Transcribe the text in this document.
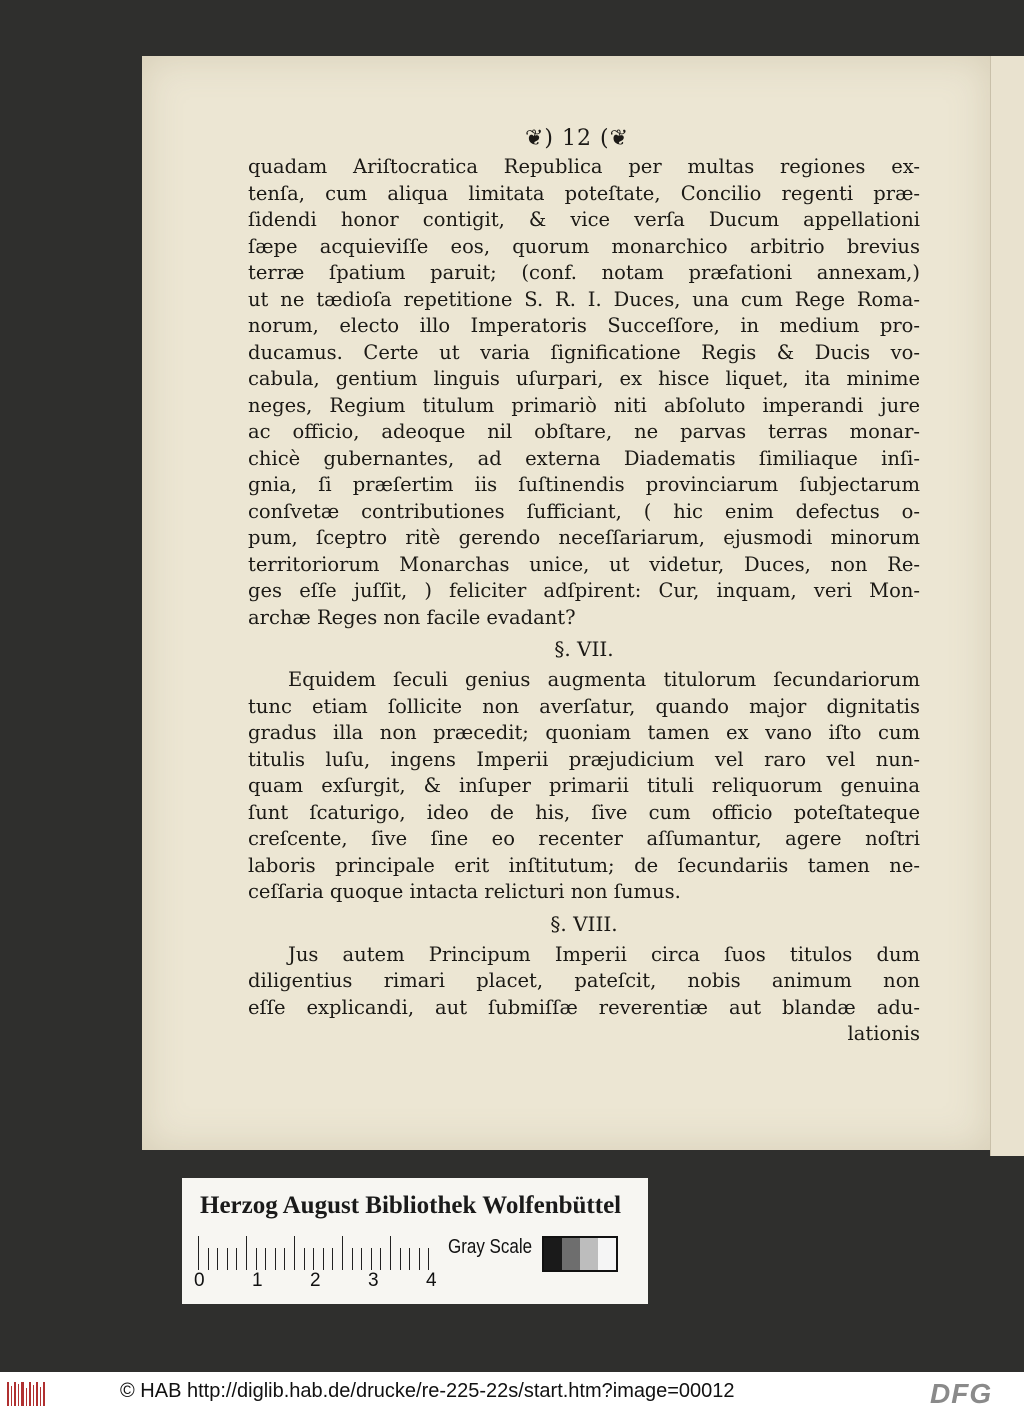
❦) 12 (❦
quadam Ariſtocratica Republica per multas regiones ex-
tenſa, cum aliqua limitata poteſtate, Concilio regenti præ-
ſidendi honor contigit, & vice verſa Ducum appellationi
ſæpe acquieviſſe eos, quorum monarchico arbitrio brevius
terræ ſpatium paruit; (conf. notam præfationi annexam,)
ut ne tædioſa repetitione S. R. I. Duces, una cum Rege Roma-
norum, electo illo Imperatoris Succeſſore, in medium pro-
ducamus. Certe ut varia ſignificatione Regis & Ducis vo-
cabula, gentium linguis uſurpari, ex hisce liquet, ita minime
neges, Regium titulum primariò niti abſoluto imperandi jure
ac officio, adeoque nil obſtare, ne parvas terras monar-
chicè gubernantes, ad externa Diadematis ſimiliaque inſi-
gnia, ſi præſertim iis ſuſtinendis provinciarum ſubjectarum
conſvetæ contributiones ſufficiant, ( hic enim defectus o-
pum, ſceptro ritè gerendo neceſſariarum, ejusmodi minorum
territoriorum Monarchas unice, ut videtur, Duces, non Re-
ges eſſe juſſit, ) feliciter adſpirent: Cur, inquam, veri Mon-
archæ Reges non facile evadant?
§. VII.
Equidem ſeculi genius augmenta titulorum ſecundariorum
tunc etiam ſollicite non averſatur, quando major dignitatis
gradus illa non præcedit; quoniam tamen ex vano iſto cum
titulis luſu, ingens Imperii præjudicium vel raro vel nun-
quam exſurgit, & inſuper primarii tituli reliquorum genuina
ſunt ſcaturigo, ideo de his, ſive cum officio poteſtateque
creſcente, ſive ſine eo recenter aſſumantur, agere noſtri
laboris principale erit inſtitutum; de ſecundariis tamen ne-
ceſſaria quoque intacta relicturi non ſumus.
§. VIII.
Jus autem Principum Imperii circa ſuos titulos dum
diligentius rimari placet, pateſcit, nobis animum non
eſſe explicandi, aut ſubmiſſæ reverentiæ aut blandæ adu-
lationis
Herzog August Bibliothek Wolfenbüttel
0 1 2 3 4
Gray Scale
© HAB http://diglib.hab.de/drucke/re-225-22s/start.htm?image=00012	DFG
